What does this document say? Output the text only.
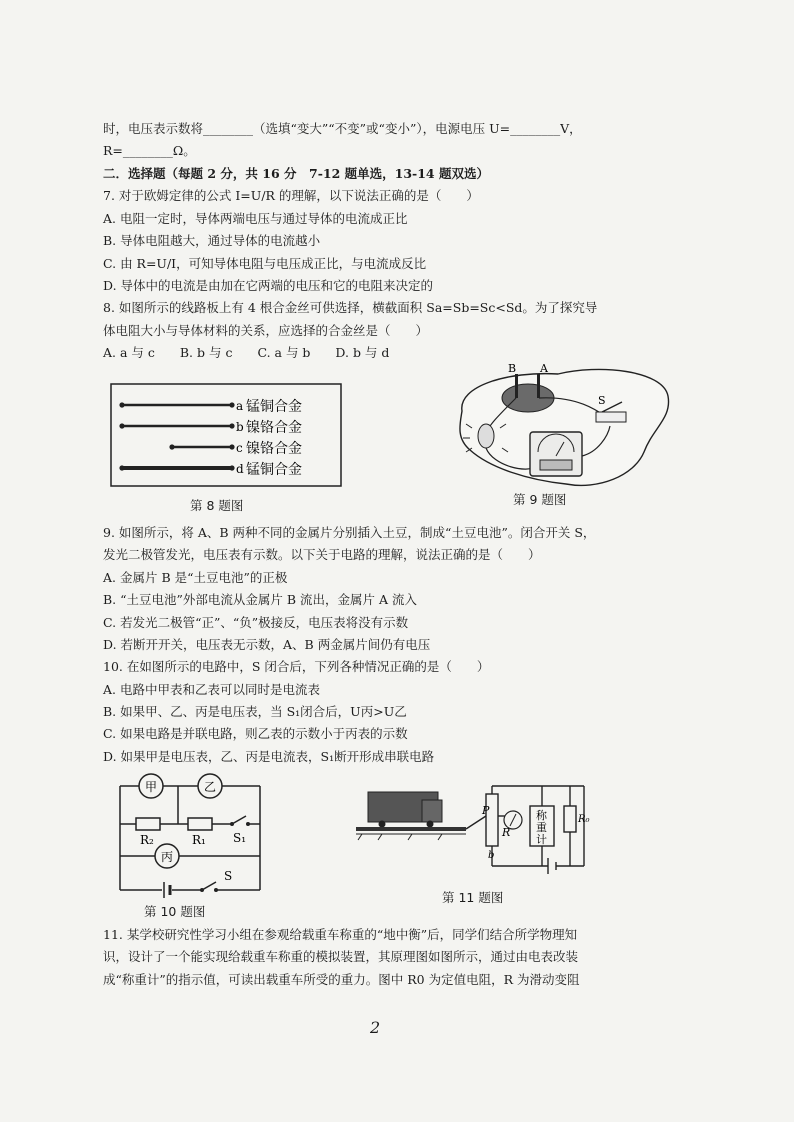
时，电压表示数将________（选填“变大”“不变”或“变小”），电源电压 U=________V，
R=________Ω。
二．选择题（每题 2 分，共 16 分　7-12 题单选，13-14 题双选）
7. 对于欧姆定律的公式 I=U/R 的理解，以下说法正确的是（　　）
A. 电阻一定时，导体两端电压与通过导体的电流成正比
B. 导体电阻越大，通过导体的电流越小
C. 由 R=U/I，可知导体电阻与电压成正比，与电流成反比
D. 导体中的电流是由加在它两端的电压和它的电阻来决定的
8. 如图所示的线路板上有 4 根合金丝可供选择，横截面积 Sa=Sb=Sc<Sd。为了探究导
体电阻大小与导体材料的关系，应选择的合金丝是（　　）
A. a 与 c　　B. b 与 c　　C. a 与 b　　D. b 与 d
a 锰铜合金
b 镍铬合金
c 镍铬合金
d 锰铜合金
第 8 题图
B A
S
第 9 题图
9. 如图所示，将 A、B 两种不同的金属片分别插入土豆，制成“土豆电池”。闭合开关 S，
发光二极管发光，电压表有示数。以下关于电路的理解，说法正确的是（　　）
A. 金属片 B 是“土豆电池”的正极
B. “土豆电池”外部电流从金属片 B 流出，金属片 A 流入
C. 若发光二极管“正”、“负”极接反，电压表将没有示数
D. 若断开开关，电压表无示数，A、B 两金属片间仍有电压
10. 在如图所示的电路中，S 闭合后，下列各种情况正确的是（　　）
A. 电路中甲表和乙表可以同时是电流表
B. 如果甲、乙、丙是电压表，当 S₁闭合后，U丙>U乙
C. 如果电路是并联电路，则乙表的示数小于丙表的示数
D. 如果甲是电压表，乙、丙是电流表，S₁断开形成串联电路
甲	乙
丙
R₂	R₁ S₁
S
第 10 题图
P
R
b
R₀
称
重
计
第 11 题图
11. 某学校研究性学习小组在参观给载重车称重的“地中衡”后，同学们结合所学物理知
识，设计了一个能实现给载重车称重的模拟装置，其原理图如图所示，通过由电表改装
成“称重计”的指示值，可读出载重车所受的重力。图中 R0 为定值电阻，R 为滑动变阻
2
